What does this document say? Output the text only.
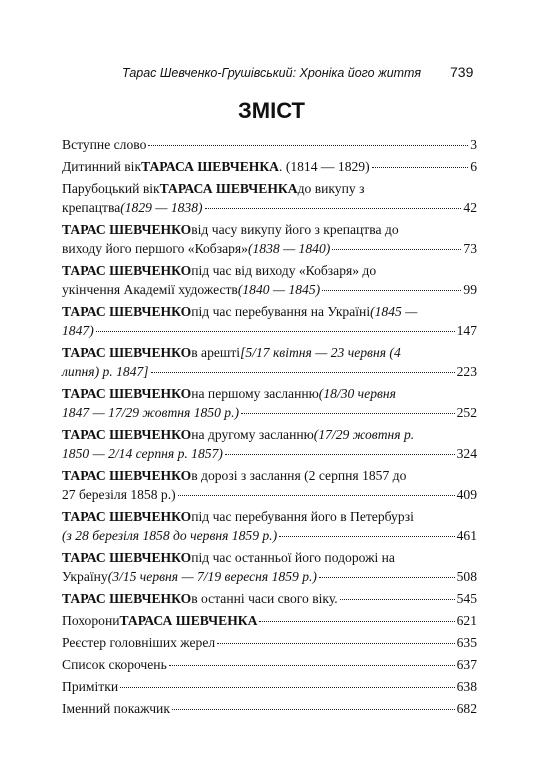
Тарас Шевченко-Грушівський: Хроніка його життя	739
ЗМІСТ
Вступне слово	3
Дитинний вік ТАРАСА ШЕВЧЕНКА . (1814 — 1829)	6
Парубоцький вік ТАРАСА ШЕВЧЕНКА до викупу з
крепацтва (1829 — 1838)	42
ТАРАС ШЕВЧЕНКО від часу викупу його з крепацтва до
виходу його першого «Кобзаря» (1838 — 1840)	73
ТАРАС ШЕВЧЕНКО під час від виходу «Кобзаря» до
укінчення Академії художеств (1840 — 1845)	99
ТАРАС ШЕВЧЕНКО під час перебування на Україні (1845 —
1847)	147
ТАРАС ШЕВЧЕНКО в арешті [5/17 квітня — 23 червня (4
липня) р. 1847]	223
ТАРАС ШЕВЧЕНКО на першому засланню (18/30 червня
1847 — 17/29 жовтня 1850 р.)	252
ТАРАС ШЕВЧЕНКО на другому засланню (17/29 жовтня р.
1850 — 2/14 серпня р. 1857)	324
ТАРАС ШЕВЧЕНКО в дорозі з заслання (2 серпня 1857 до
27 березіля 1858 р.)	409
ТАРАС ШЕВЧЕНКО під час перебування його в Петербурзі
(з 28 березіля 1858 до червня 1859 р.)	461
ТАРАС ШЕВЧЕНКО під час останньої його подорожі на
Україну (3/15 червня — 7/19 вересня 1859 р.)	508
ТАРАС ШЕВЧЕНКО в останні часи свого віку.	545
Похорони ТАРАСА ШЕВЧЕНКА	621
Реєстер головніших жерел	635
Список скорочень	637
Примітки	638
Іменний покажчик	682
